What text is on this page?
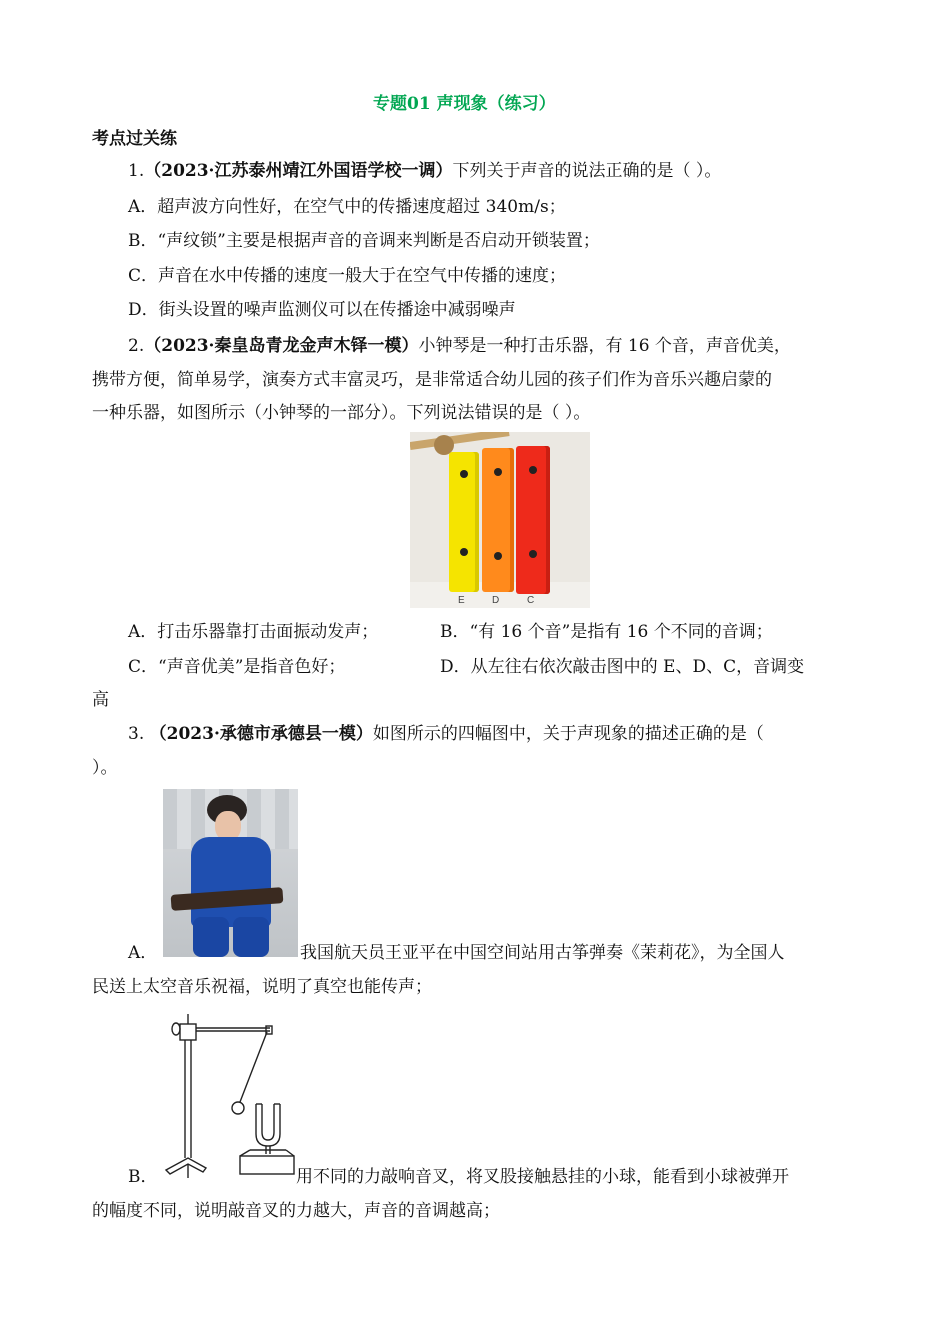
专题01 声现象（练习）
考点过关练
1.（2023·江苏泰州靖江外国语学校一调）下列关于声音的说法正确的是（ ）。
A．超声波方向性好，在空气中的传播速度超过 340m/s；
B．“声纹锁”主要是根据声音的音调来判断是否启动开锁装置；
C．声音在水中传播的速度一般大于在空气中传播的速度；
D．街头设置的噪声监测仪可以在传播途中减弱噪声
2.（2023·秦皇岛青龙金声木铎一模）小钟琴是一种打击乐器，有 16 个音，声音优美，
携带方便，简单易学，演奏方式丰富灵巧，是非常适合幼儿园的孩子们作为音乐兴趣启蒙的
一种乐器，如图所示（小钟琴的一部分）。下列说法错误的是（ ）。
E	D	C
A．打击乐器靠打击面振动发声；	B．“有 16 个音”是指有 16 个不同的音调；
C．“声音优美”是指音色好；	D．从左往右依次敲击图中的 E、D、C，音调变
高
3. （2023·承德市承德县一模）如图所示的四幅图中，关于声现象的描述正确的是（
）。
A．	我国航天员王亚平在中国空间站用古筝弹奏《茉莉花》，为全国人
民送上太空音乐祝福，说明了真空也能传声；
B．	用不同的力敲响音叉，将叉股接触悬挂的小球，能看到小球被弹开
的幅度不同，说明敲音叉的力越大，声音的音调越高；
